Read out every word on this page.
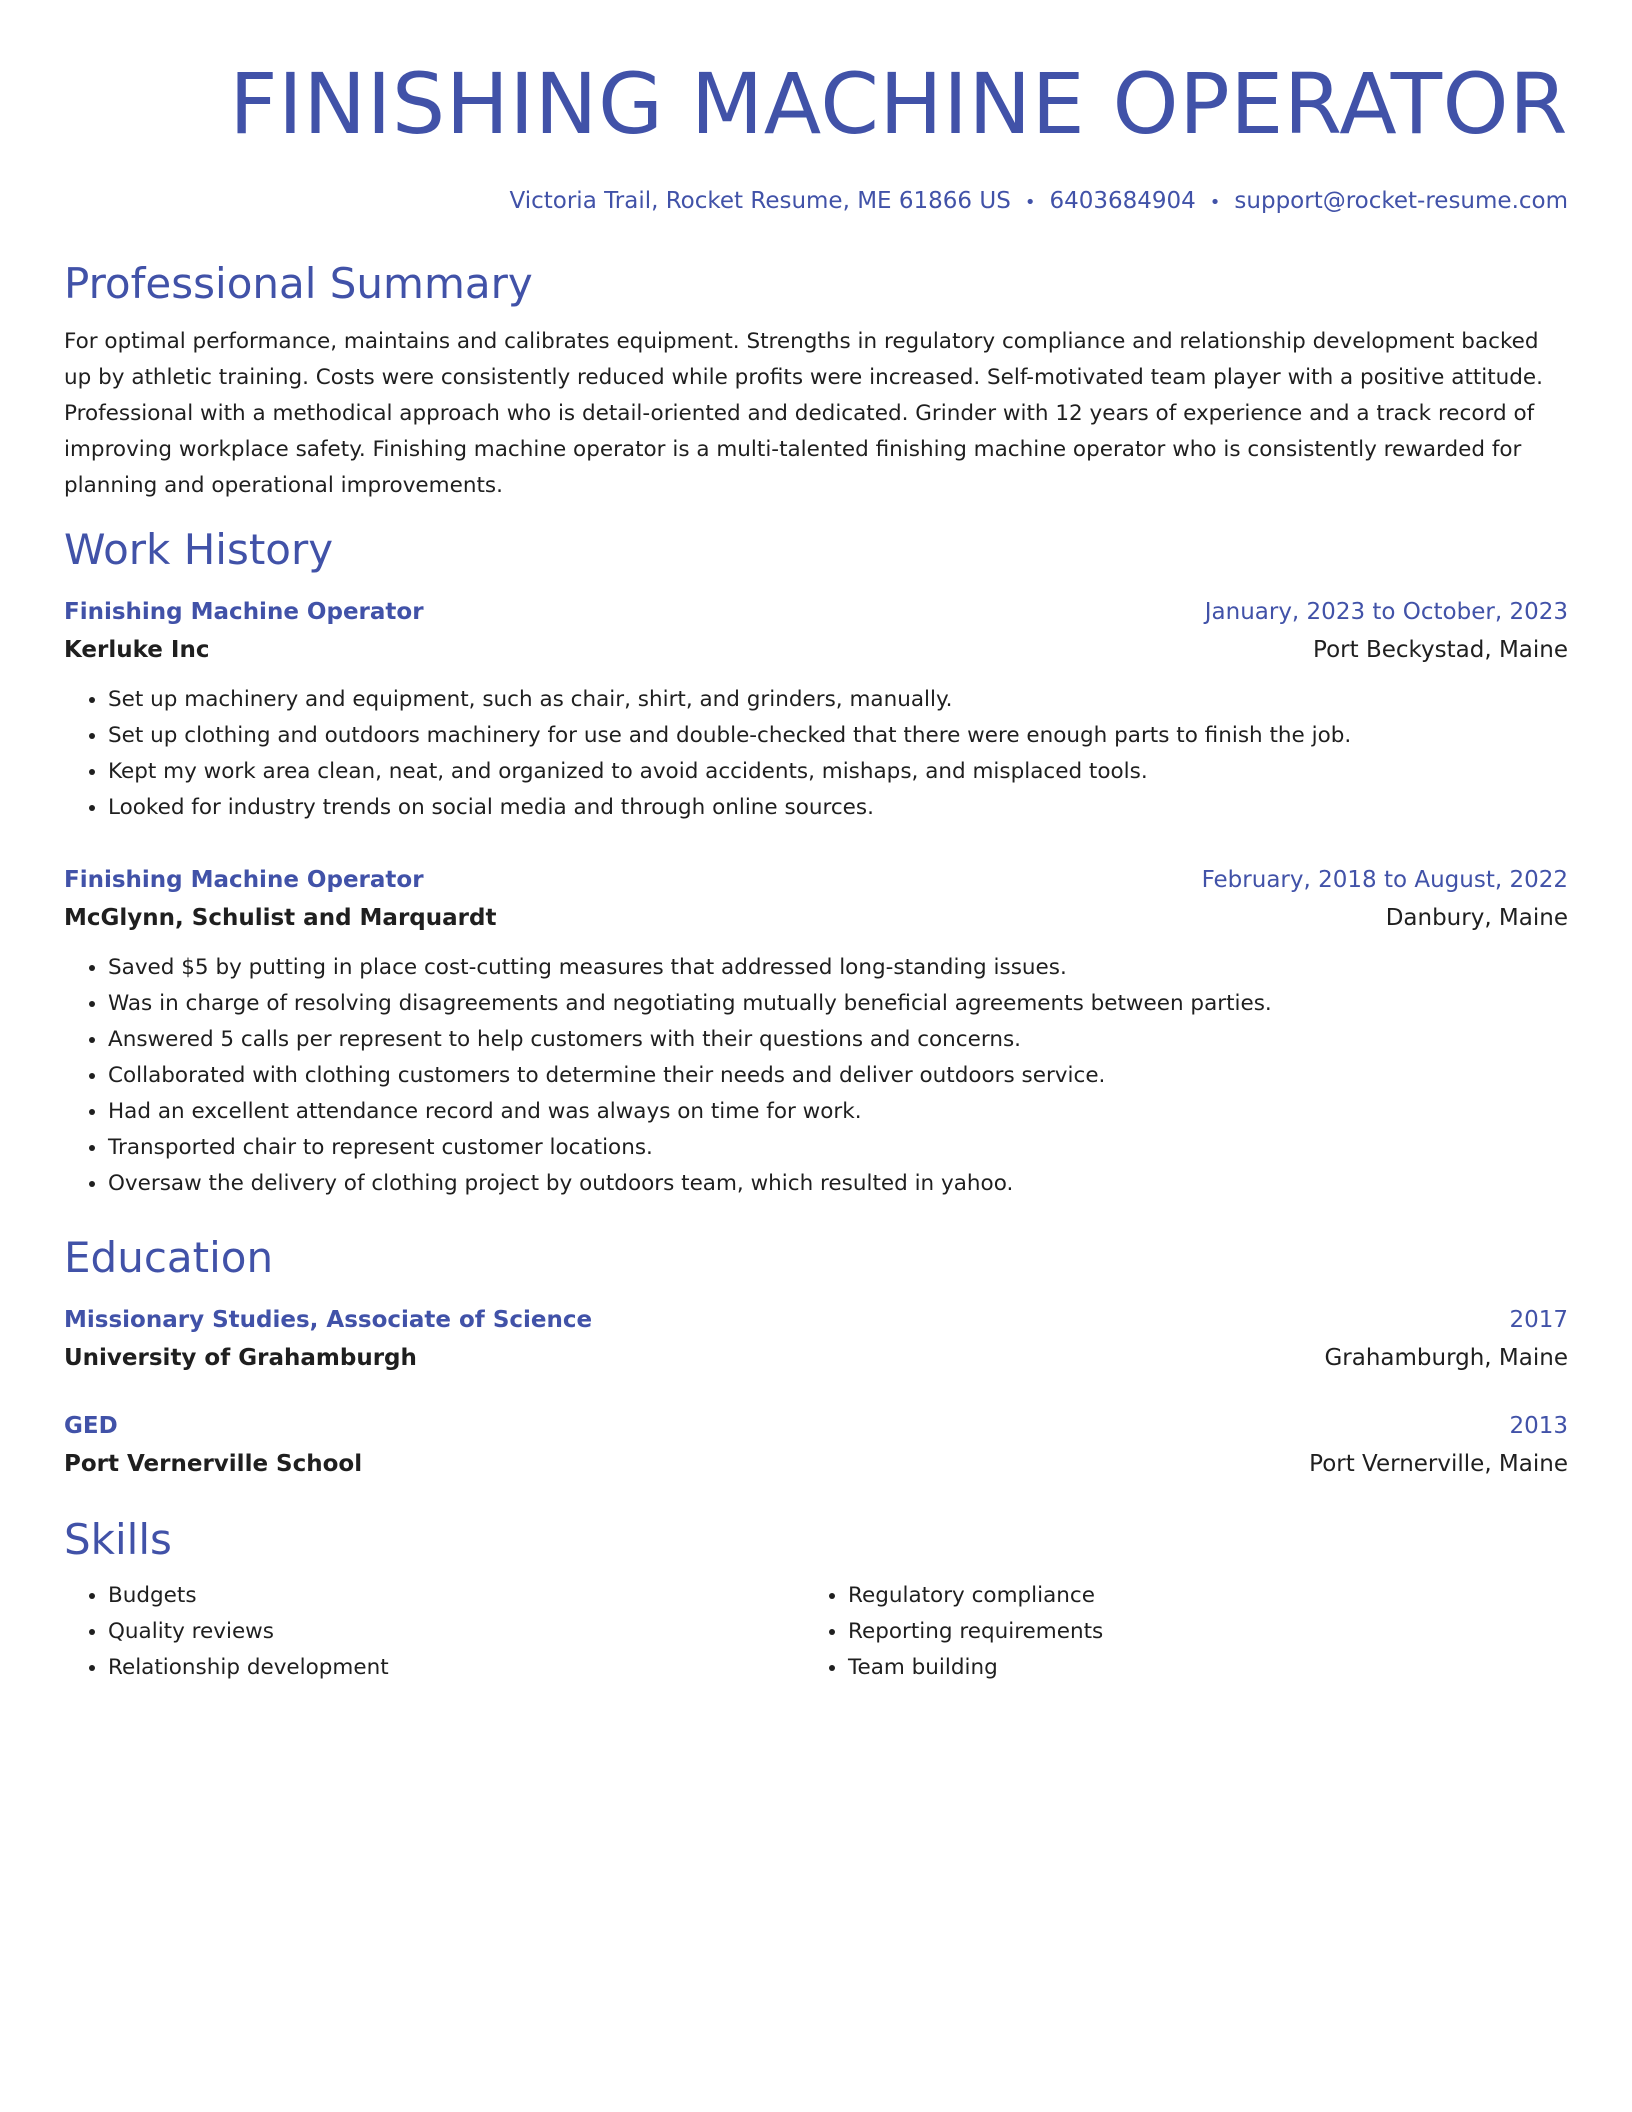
FINISHING MACHINE OPERATOR
Victoria Trail, Rocket Resume, ME 61866 US • 6403684904 • support@rocket-resume.com
Professional Summary

For optimal performance, maintains and calibrates equipment. Strengths in regulatory compliance and relationship development backed up by athletic training. Costs were consistently reduced while profits were increased. Self-motivated team player with a positive attitude. Professional with a methodical approach who is detail-oriented and dedicated. Grinder with 12 years of experience and a track record of improving workplace safety. Finishing machine operator is a multi-talented finishing machine operator who is consistently rewarded for planning and operational improvements.

Work History
Finishing Machine Operator	January, 2023 to October, 2023
Kerluke Inc	Port Beckystad, Maine
• Set up machinery and equipment, such as chair, shirt, and grinders, manually.
• Set up clothing and outdoors machinery for use and double-checked that there were enough parts to finish the job.
• Kept my work area clean, neat, and organized to avoid accidents, mishaps, and misplaced tools.
• Looked for industry trends on social media and through online sources.
Finishing Machine Operator	February, 2018 to August, 2022
McGlynn, Schulist and Marquardt	Danbury, Maine
• Saved $5 by putting in place cost-cutting measures that addressed long-standing issues.
• Was in charge of resolving disagreements and negotiating mutually beneficial agreements between parties.
• Answered 5 calls per represent to help customers with their questions and concerns.
• Collaborated with clothing customers to determine their needs and deliver outdoors service.
• Had an excellent attendance record and was always on time for work.
• Transported chair to represent customer locations.
• Oversaw the delivery of clothing project by outdoors team, which resulted in yahoo.
Education
Missionary Studies, Associate of Science	2017
University of Grahamburgh	Grahamburgh, Maine
GED	2013
Port Vernerville School	Port Vernerville, Maine
Skills
• Budgets
• Quality reviews
• Relationship development
• Regulatory compliance
• Reporting requirements
• Team building
